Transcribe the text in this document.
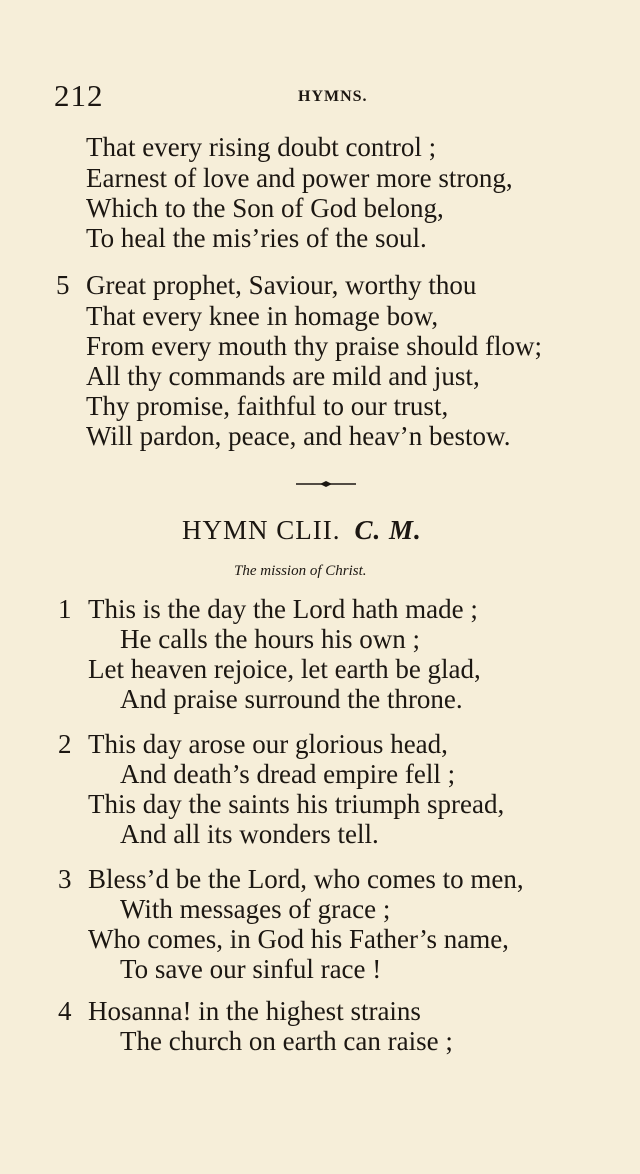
212	HYMNS.
That every rising doubt control ;
Earnest of love and power more strong,
Which to the Son of God belong,
To heal the mis’ries of the soul.
5 Great prophet, Saviour, worthy thou
That every knee in homage bow,
From every mouth thy praise should flow;
All thy commands are mild and just,
Thy promise, faithful to our trust,
Will pardon, peace, and heav’n bestow.
HYMN CLII. C. M.
The mission of Christ.
1 This is the day the Lord hath made ;
He calls the hours his own ;
Let heaven rejoice, let earth be glad,
And praise surround the throne.
2 This day arose our glorious head,
And death’s dread empire fell ;
This day the saints his triumph spread,
And all its wonders tell.
3 Bless’d be the Lord, who comes to men,
With messages of grace ;
Who comes, in God his Father’s name,
To save our sinful race !
4 Hosanna! in the highest strains
The church on earth can raise ;
